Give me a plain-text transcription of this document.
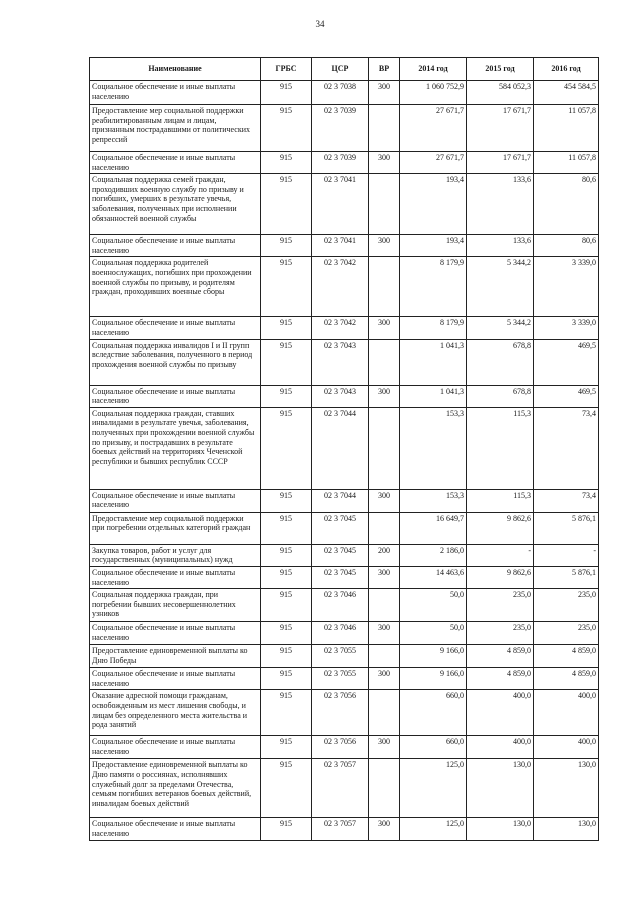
34
Наименование	ГРБС	ЦСР	ВР	2014 год	2015 год	2016 год
Социальное обеспечение и иные выплаты населению	915	02 3 7038	300	1 060 752,9	584 052,3	454 584,5
Предоставление мер социальной поддержки реабилитированным лицам и лицам, признанным пострадавшими от политических репрессий	915	02 3 7039		27 671,7	17 671,7	11 057,8
Социальное обеспечение и иные выплаты населению	915	02 3 7039	300	27 671,7	17 671,7	11 057,8
Социальная поддержка семей граждан, проходивших военную службу по призыву и погибших, умерших в результате увечья, заболевания, полученных при исполнении обязанностей военной службы	915	02 3 7041		193,4	133,6	80,6
Социальное обеспечение и иные выплаты населению	915	02 3 7041	300	193,4	133,6	80,6
Социальная поддержка родителей военнослужащих, погибших при прохождении военной службы по призыву, и родителям граждан, проходивших военные сборы	915	02 3 7042		8 179,9	5 344,2	3 339,0
Социальное обеспечение и иные выплаты населению	915	02 3 7042	300	8 179,9	5 344,2	3 339,0
Социальная поддержка инвалидов I и II групп вследствие заболевания, полученного в период прохождения военной службы по призыву	915	02 3 7043		1 041,3	678,8	469,5
Социальное обеспечение и иные выплаты населению	915	02 3 7043	300	1 041,3	678,8	469,5
Социальная поддержка граждан, ставших инвалидами в результате увечья, заболевания, полученных при прохождении военной службы по призыву, и пострадавших в результате боевых действий на территориях Чеченской республики и бывших республик СССР	915	02 3 7044		153,3	115,3	73,4
Социальное обеспечение и иные выплаты населению	915	02 3 7044	300	153,3	115,3	73,4
Предоставление мер социальной поддержки при погребении отдельных категорий граждан	915	02 3 7045		16 649,7	9 862,6	5 876,1
Закупка товаров, работ и услуг для государственных (муниципальных) нужд	915	02 3 7045	200	2 186,0	-	-
Социальное обеспечение и иные выплаты населению	915	02 3 7045	300	14 463,6	9 862,6	5 876,1
Социальная поддержка граждан, при погребении бывших несовершеннолетних узников	915	02 3 7046		50,0	235,0	235,0
Социальное обеспечение и иные выплаты населению	915	02 3 7046	300	50,0	235,0	235,0
Предоставление единовременной выплаты ко Дню Победы	915	02 3 7055		9 166,0	4 859,0	4 859,0
Социальное обеспечение и иные выплаты населению	915	02 3 7055	300	9 166,0	4 859,0	4 859,0
Оказание адресной помощи гражданам, освобожденным из мест лишения свободы, и лицам без определенного места жительства и рода занятий	915	02 3 7056		660,0	400,0	400,0
Социальное обеспечение и иные выплаты населению	915	02 3 7056	300	660,0	400,0	400,0
Предоставление единовременной выплаты ко Дню памяти о россиянах, исполнявших служебный долг за пределами Отечества, семьям погибших ветеранов боевых действий, инвалидам боевых действий	915	02 3 7057		125,0	130,0	130,0
Социальное обеспечение и иные выплаты населению	915	02 3 7057	300	125,0	130,0	130,0
